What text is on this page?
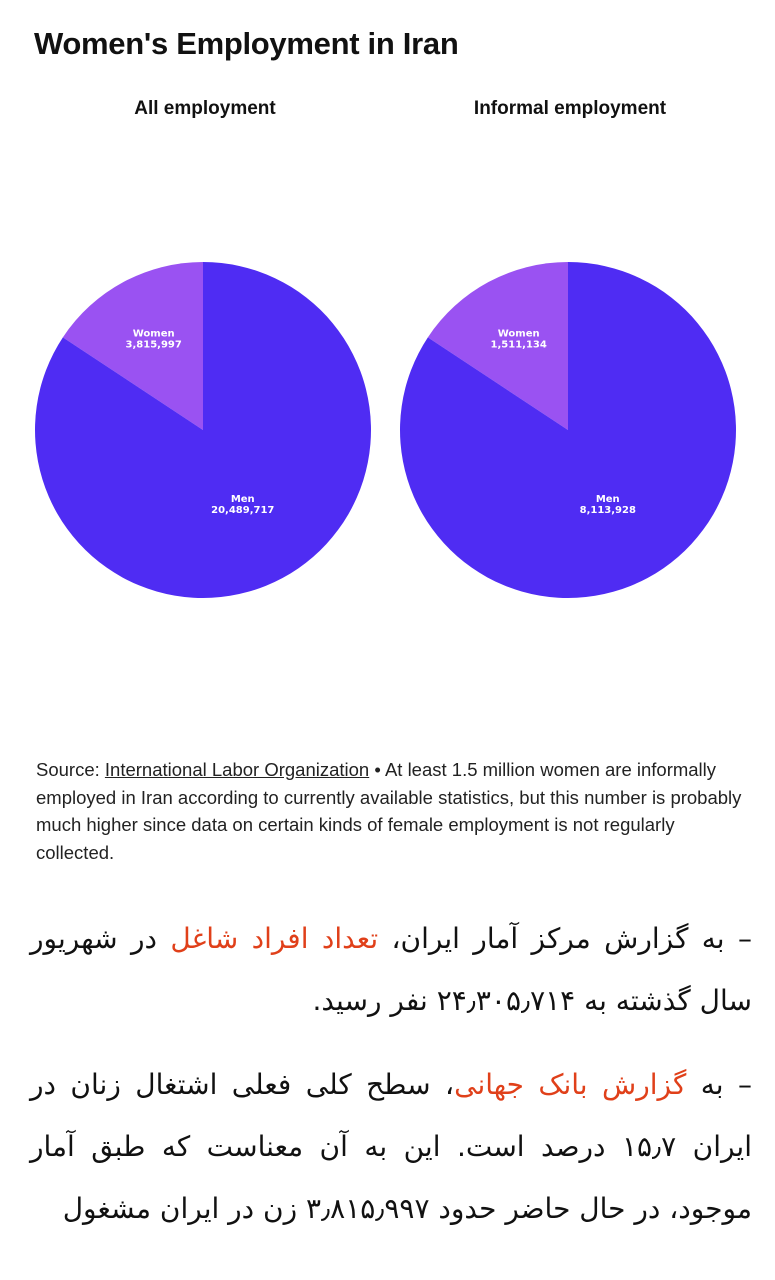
Women's Employment in Iran
All employment
Women
3,815,997
Men
20,489,717
Informal employment
Women
1,511,134
Men
8,113,928

Source: International Labor Organization • At least 1.5 million women are informally employed in Iran according to currently available statistics, but this number is probably much higher since data on certain kinds of female employment is not regularly collected.

– به گزارش مرکز آمار ایران، تعداد افراد شاغل در شهریور سال گذشته به ۲۴٫۳۰۵٫۷۱۴ نفر رسید.

– به گزارش بانک جهانی، سطح کلی فعلی اشتغال زنان در ایران ۱۵٫۷ درصد است. این به آن معناست که طبق آمار موجود، در حال حاضر حدود ۳٫۸۱۵٫۹۹۷ زن در ایران مشغول
